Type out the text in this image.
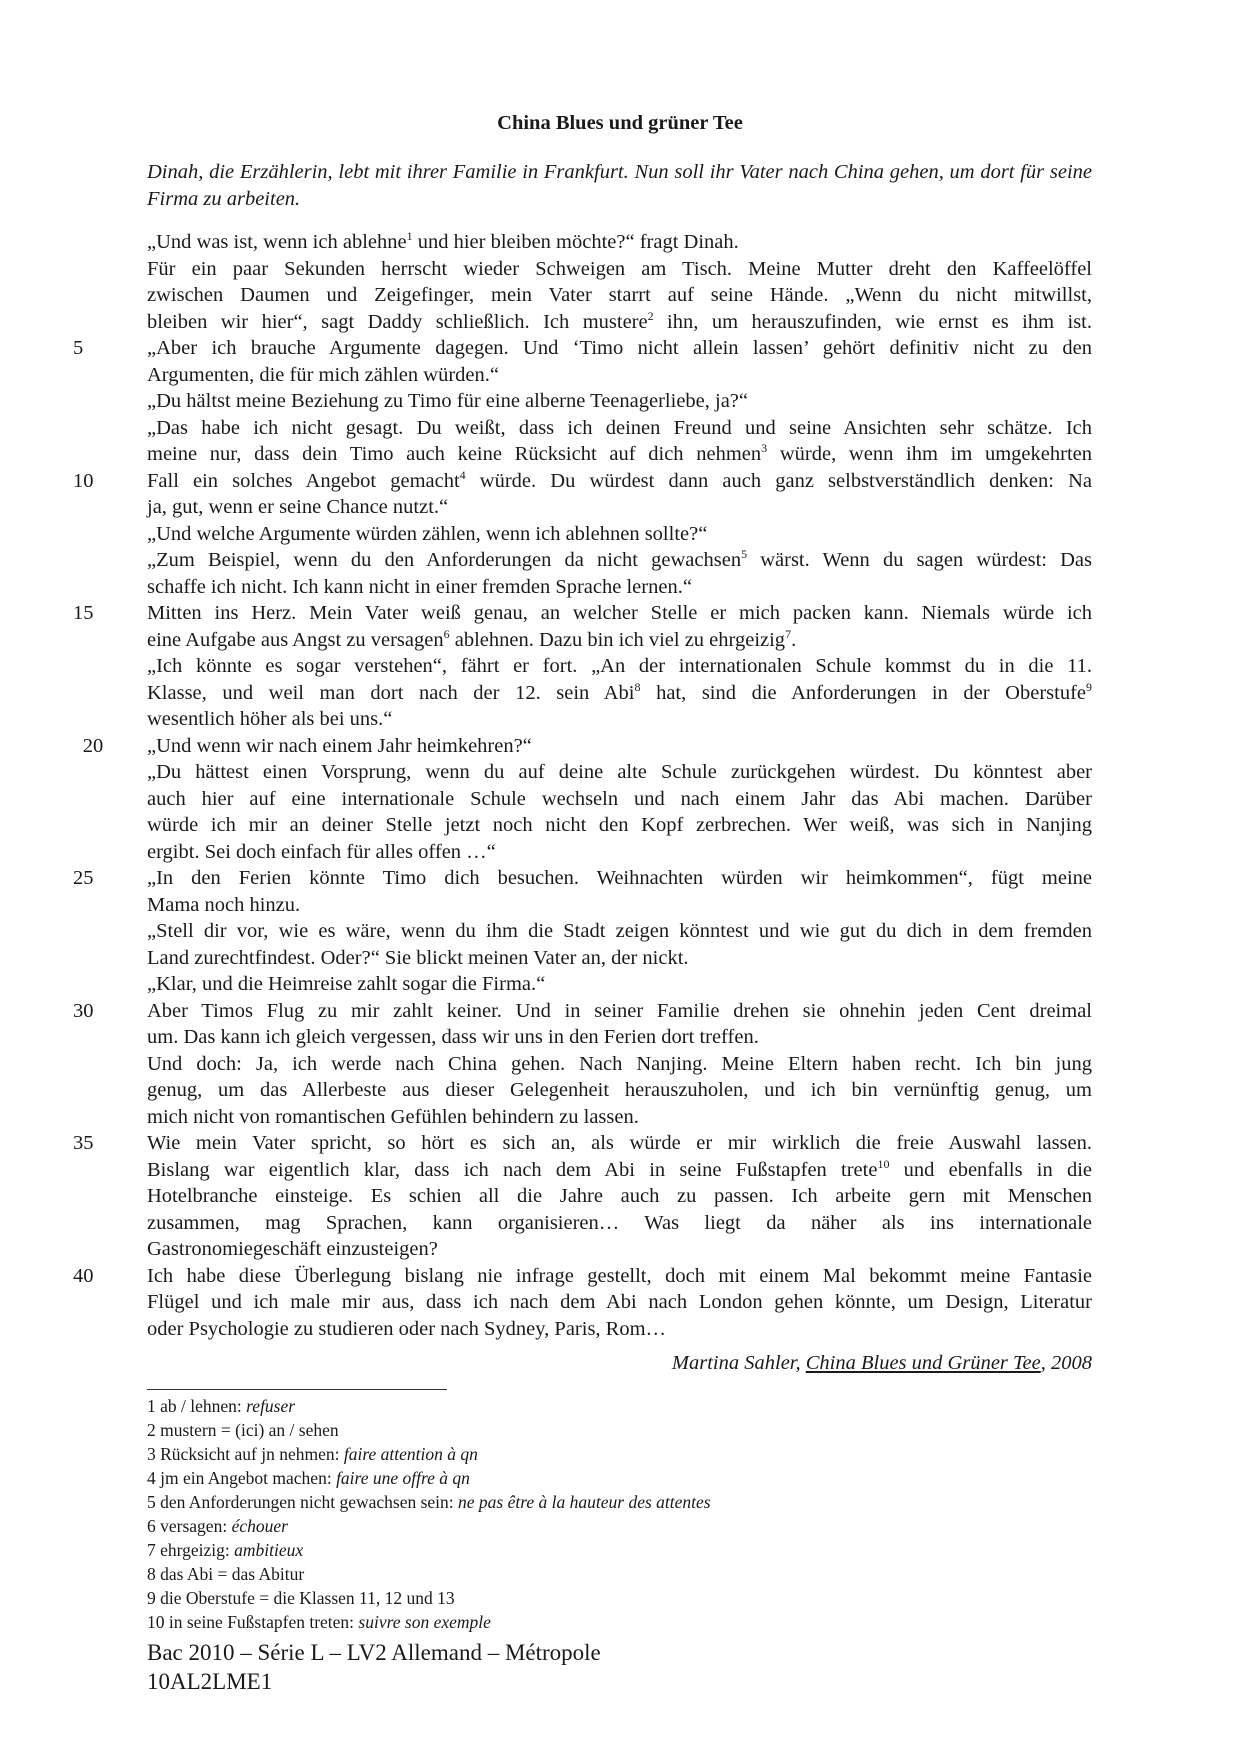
China Blues und grüner Tee
Dinah, die Erzählerin, lebt mit ihrer Familie in Frankfurt. Nun soll ihr Vater nach China gehen, um dort für seine Firma zu arbeiten.
„Und was ist, wenn ich ablehne$^1$ und hier bleiben möchte?“ fragt Dinah.
Für ein paar Sekunden herrscht wieder Schweigen am Tisch. Meine Mutter dreht den Kaffeelöffel
zwischen Daumen und Zeigefinger, mein Vater starrt auf seine Hände. „Wenn du nicht mitwillst,
bleiben wir hier“, sagt Daddy schließlich. Ich mustere$^2$ ihn, um herauszufinden, wie ernst es ihm ist.
5	„Aber ich brauche Argumente dagegen. Und ‘Timo nicht allein lassen’ gehört definitiv nicht zu den
Argumenten, die für mich zählen würden.“
„Du hältst meine Beziehung zu Timo für eine alberne Teenagerliebe, ja?“
„Das habe ich nicht gesagt. Du weißt, dass ich deinen Freund und seine Ansichten sehr schätze. Ich
meine nur, dass dein Timo auch keine Rücksicht auf dich nehmen$^3$ würde, wenn ihm im umgekehrten
10	Fall ein solches Angebot gemacht$^4$ würde. Du würdest dann auch ganz selbstverständlich denken: Na
ja, gut, wenn er seine Chance nutzt.“
„Und welche Argumente würden zählen, wenn ich ablehnen sollte?“
„Zum Beispiel, wenn du den Anforderungen da nicht gewachsen$^5$ wärst. Wenn du sagen würdest: Das
schaffe ich nicht. Ich kann nicht in einer fremden Sprache lernen.“
15	Mitten ins Herz. Mein Vater weiß genau, an welcher Stelle er mich packen kann. Niemals würde ich
eine Aufgabe aus Angst zu versagen$^6$ ablehnen. Dazu bin ich viel zu ehrgeizig$^7$.
„Ich könnte es sogar verstehen“, fährt er fort. „An der internationalen Schule kommst du in die 11.
Klasse, und weil man dort nach der 12. sein Abi$^8$ hat, sind die Anforderungen in der Oberstufe$^9$
wesentlich höher als bei uns.“
20	„Und wenn wir nach einem Jahr heimkehren?“
„Du hättest einen Vorsprung, wenn du auf deine alte Schule zurückgehen würdest. Du könntest aber
auch hier auf eine internationale Schule wechseln und nach einem Jahr das Abi machen. Darüber
würde ich mir an deiner Stelle jetzt noch nicht den Kopf zerbrechen. Wer weiß, was sich in Nanjing
ergibt. Sei doch einfach für alles offen …“
25	„In den Ferien könnte Timo dich besuchen. Weihnachten würden wir heimkommen“, fügt meine
Mama noch hinzu.
„Stell dir vor, wie es wäre, wenn du ihm die Stadt zeigen könntest und wie gut du dich in dem fremden
Land zurechtfindest. Oder?“ Sie blickt meinen Vater an, der nickt.
„Klar, und die Heimreise zahlt sogar die Firma.“
30	Aber Timos Flug zu mir zahlt keiner. Und in seiner Familie drehen sie ohnehin jeden Cent dreimal
um. Das kann ich gleich vergessen, dass wir uns in den Ferien dort treffen.
Und doch: Ja, ich werde nach China gehen. Nach Nanjing. Meine Eltern haben recht. Ich bin jung
genug, um das Allerbeste aus dieser Gelegenheit herauszuholen, und ich bin vernünftig genug, um
mich nicht von romantischen Gefühlen behindern zu lassen.
35	Wie mein Vater spricht, so hört es sich an, als würde er mir wirklich die freie Auswahl lassen.
Bislang war eigentlich klar, dass ich nach dem Abi in seine Fußstapfen trete$^{10}$ und ebenfalls in die
Hotelbranche einsteige. Es schien all die Jahre auch zu passen. Ich arbeite gern mit Menschen
zusammen, mag Sprachen, kann organisieren… Was liegt da näher als ins internationale
Gastronomiegeschäft einzusteigen?
40	Ich habe diese Überlegung bislang nie infrage gestellt, doch mit einem Mal bekommt meine Fantasie
Flügel und ich male mir aus, dass ich nach dem Abi nach London gehen könnte, um Design, Literatur
oder Psychologie zu studieren oder nach Sydney, Paris, Rom…
Martina Sahler, China Blues und Grüner Tee, 2008
1 ab / lehnen: refuser
2 mustern = (ici) an / sehen
3 Rücksicht auf jn nehmen: faire attention à qn
4 jm ein Angebot machen: faire une offre à qn
5 den Anforderungen nicht gewachsen sein: ne pas être à la hauteur des attentes
6 versagen: échouer
7 ehrgeizig: ambitieux
8 das Abi = das Abitur
9 die Oberstufe = die Klassen 11, 12 und 13
10 in seine Fußstapfen treten: suivre son exemple
Bac 2010 – Série L – LV2 Allemand – Métropole
10AL2LME1
